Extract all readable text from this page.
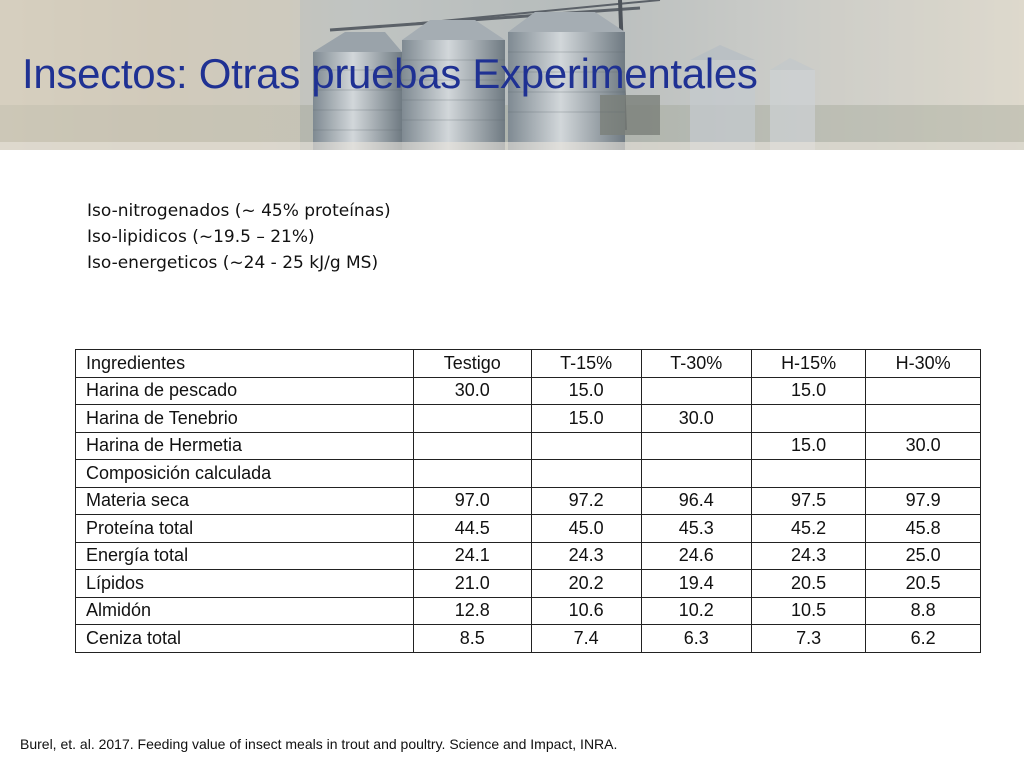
Insectos: Otras pruebas Experimentales
Iso-nitrogenados (~ 45% proteínas)
Iso-lipidicos (~19.5 – 21%)
Iso-energeticos (~24 - 25 kJ/g MS)
Ingredientes	Testigo	T-15%	T-30%	H-15%	H-30%
Harina de pescado	30.0	15.0		15.0	
Harina de Tenebrio		15.0	30.0		
Harina de Hermetia				15.0	30.0
Composición calculada					
Materia seca	97.0	97.2	96.4	97.5	97.9
Proteína total	44.5	45.0	45.3	45.2	45.8
Energía total	24.1	24.3	24.6	24.3	25.0
Lípidos	21.0	20.2	19.4	20.5	20.5
Almidón	12.8	10.6	10.2	10.5	8.8
Ceniza total	8.5	7.4	6.3	7.3	6.2

Burel, et. al. 2017. Feeding value of insect meals in trout and poultry. Science and Impact, INRA.
